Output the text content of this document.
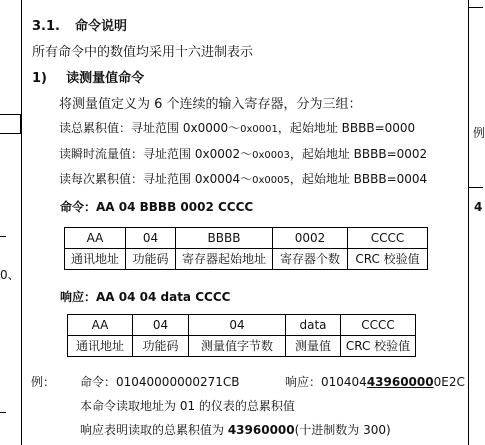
0、
例
4
3.1. 命令说明
所有命令中的数值均采用十六进制表示
1) 读测量值命令
将测量值定义为 6 个连续的输入寄存器，分为三组：
读总累积值：寻址范围 0x0000～0x0001，起始地址 BBBB=0000
读瞬时流量值：寻址范围 0x0002～0x0003，起始地址 BBBB=0002
读每次累积值：寻址范围 0x0004～0x0005，起始地址 BBBB=0004
命令：AA 04 BBBB 0002 CCCC
AA	04	BBBB	0002	CCCC
通讯地址	功能码	寄存器起始地址	寄存器个数	CRC 校验值
响应：AA 04 04 data CCCC
AA	04	04	data	CCCC
通讯地址	功能码	测量值字节数	测量值	CRC 校验值
例： 命令：01040000000271CB	响应：010404439600000E2C
本命令读取地址为 01 的仪表的总累积值
响应表明读取的总累积值为 43960000(十进制数为 300)
